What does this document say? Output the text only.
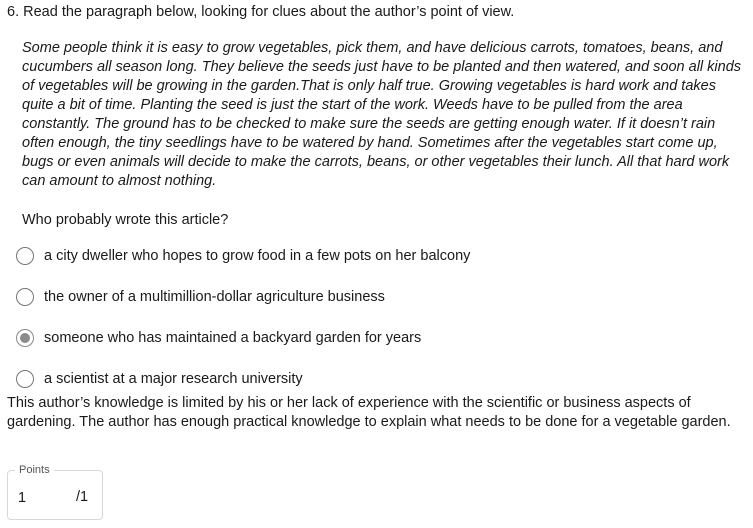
6. Read the paragraph below, looking for clues about the author’s point of view.
Some people think it is easy to grow vegetables, pick them, and have delicious carrots, tomatoes, beans, and cucumbers all season long. They believe the seeds just have to be planted and then watered, and soon all kinds of vegetables will be growing in the garden.That is only half true. Growing vegetables is hard work and takes quite a bit of time. Planting the seed is just the start of the work. Weeds have to be pulled from the area constantly. The ground has to be checked to make sure the seeds are getting enough water. If it doesn’t rain often enough, the tiny seedlings have to be watered by hand. Sometimes after the vegetables start come up, bugs or even animals will decide to make the carrots, beans, or other vegetables their lunch. All that hard work can amount to almost nothing.
Who probably wrote this article?
a city dweller who hopes to grow food in a few pots on her balcony
the owner of a multimillion-dollar agriculture business
someone who has maintained a backyard garden for years
a scientist at a major research university
This author’s knowledge is limited by his or her lack of experience with the scientific or business aspects of gardening. The author has enough practical knowledge to explain what needs to be done for a vegetable garden.
Points
1	/1
